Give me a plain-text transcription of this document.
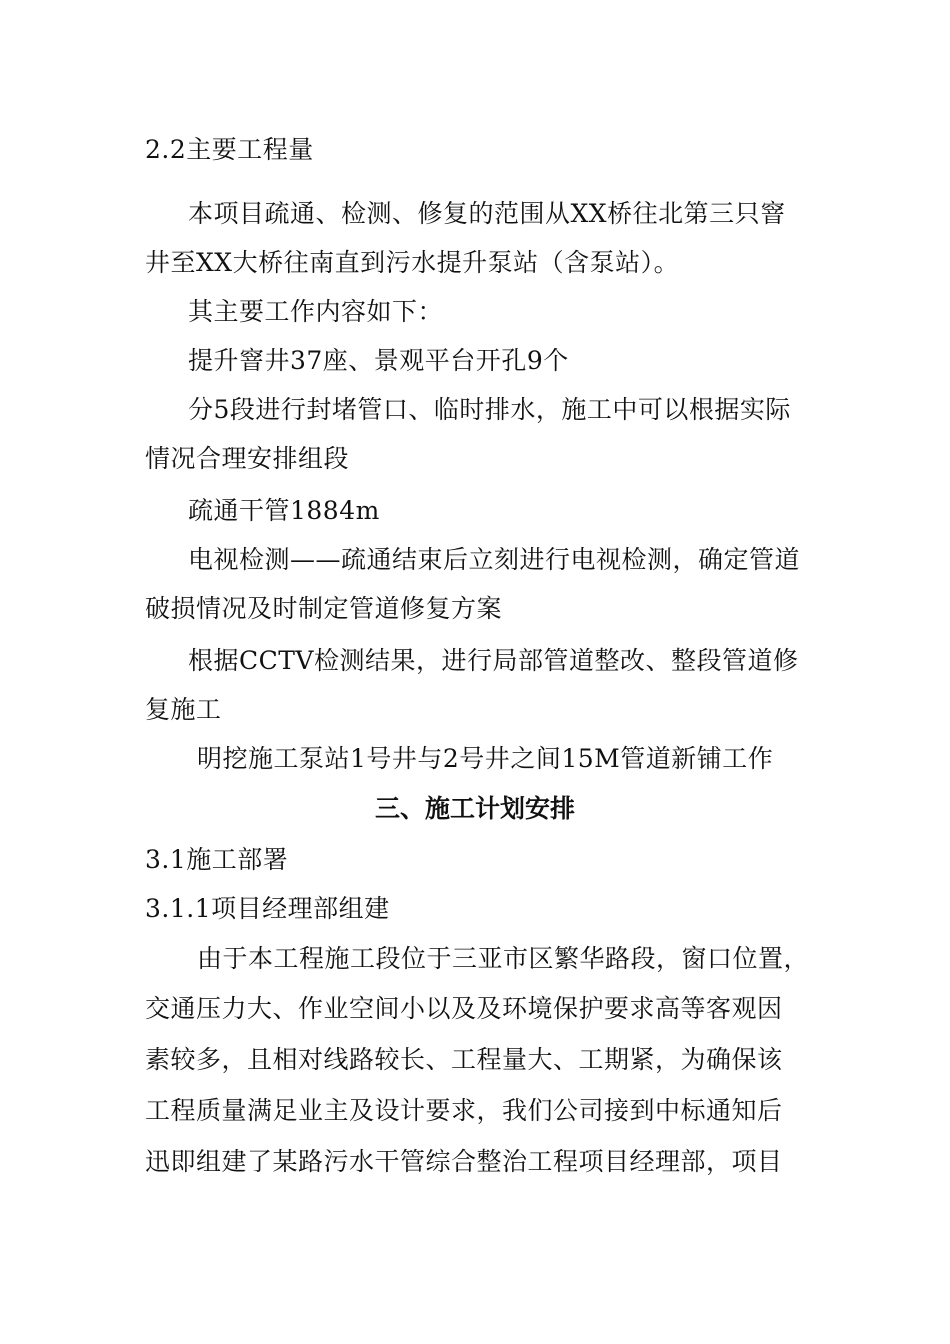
2.2主要工程量
本项目疏通、检测、修复的范围从XX桥往北第三只窨
井至XX大桥往南直到污水提升泵站（含泵站）。
其主要工作内容如下：
提升窨井37座、景观平台开孔9个
分5段进行封堵管口、临时排水，施工中可以根据实际
情况合理安排组段
疏通干管1884m
电视检测——疏通结束后立刻进行电视检测，确定管道
破损情况及时制定管道修复方案
根据CCTV检测结果，进行局部管道整改、整段管道修
复施工
明挖施工泵站1号井与2号井之间15M管道新铺工作
三、施工计划安排
3.1施工部署
3.1.1项目经理部组建
由于本工程施工段位于三亚市区繁华路段，窗口位置，
交通压力大、作业空间小以及及环境保护要求高等客观因
素较多，且相对线路较长、工程量大、工期紧，为确保该
工程质量满足业主及设计要求，我们公司接到中标通知后
迅即组建了某路污水干管综合整治工程项目经理部，项目
